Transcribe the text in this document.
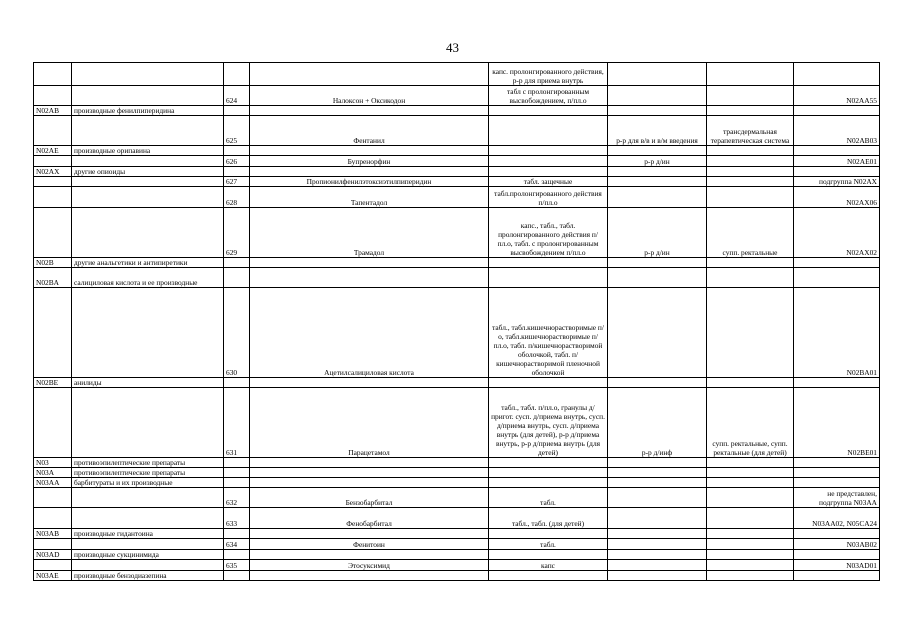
43
				капс. пролонгированного действия, р-р для приема внутрь			
		624	Налоксон + Оксикодон	табл с пролонгированным высвобождением, п/пл.о			N02AA55
N02AB	производные фенилпиперидина						
		625	Фентанил		р-р для в/в и в/м введения	трансдермальная терапевтическая система	N02AB03
N02AE	производные орипавина						
		626	Бупренорфин		р-р д/ин		N02AE01
N02AX	другие опиоиды						
		627	Пропионилфенилэтоксиэтилпиперидин	табл. защечные			подгруппа N02AX
		628	Тапентадол	табл.пролонгированного действия п/пл.о			N02AX06
		629	Трамадол	капс., табл., табл. пролонгированного действия п/пл.о, табл. с пролонгированным высвобождением п/пл.о	р-р д/ин	супп. ректальные	N02AX02
N02B	другие анальгетики и антипиретики						
N02BA	салициловая кислота и ее производные						
		630	Ацетилсалициловая кислота	табл., табл.кишечнорастворимые п/о, табл.кишечнорастворимые п/пл.о, табл. п/кишечнорастворимой оболочкой, табл. п/кишечнорастворимой пленочной оболочкой			N02BA01
N02BE	анилиды						
		631	Парацетамол	табл., табл. п/пл.о, гранулы д/пригот. сусп. д/приема внутрь, сусп. д/приема внутрь, сусп. д/приема внутрь (для детей), р-р д/приема внутрь, р-р д/приема внутрь (для детей)	р-р д/инф	супп. ректальные, супп. ректальные (для детей)	N02BE01
N03	противоэпилептические препараты						
N03A	противоэпилептические препараты						
N03AA	барбитураты и их производные						
		632	Бензобарбитал	табл.			не представлен, подгруппа N03AA
		633	Фенобарбитал	табл., табл. (для детей)			N03AA02, N05CA24
N03AB	производные гидантоина						
		634	Фенитоин	табл.			N03AB02
N03AD	производные сукцинимида						
		635	Этосуксимид	капс			N03AD01
N03AE	производные бензодиазепина						
